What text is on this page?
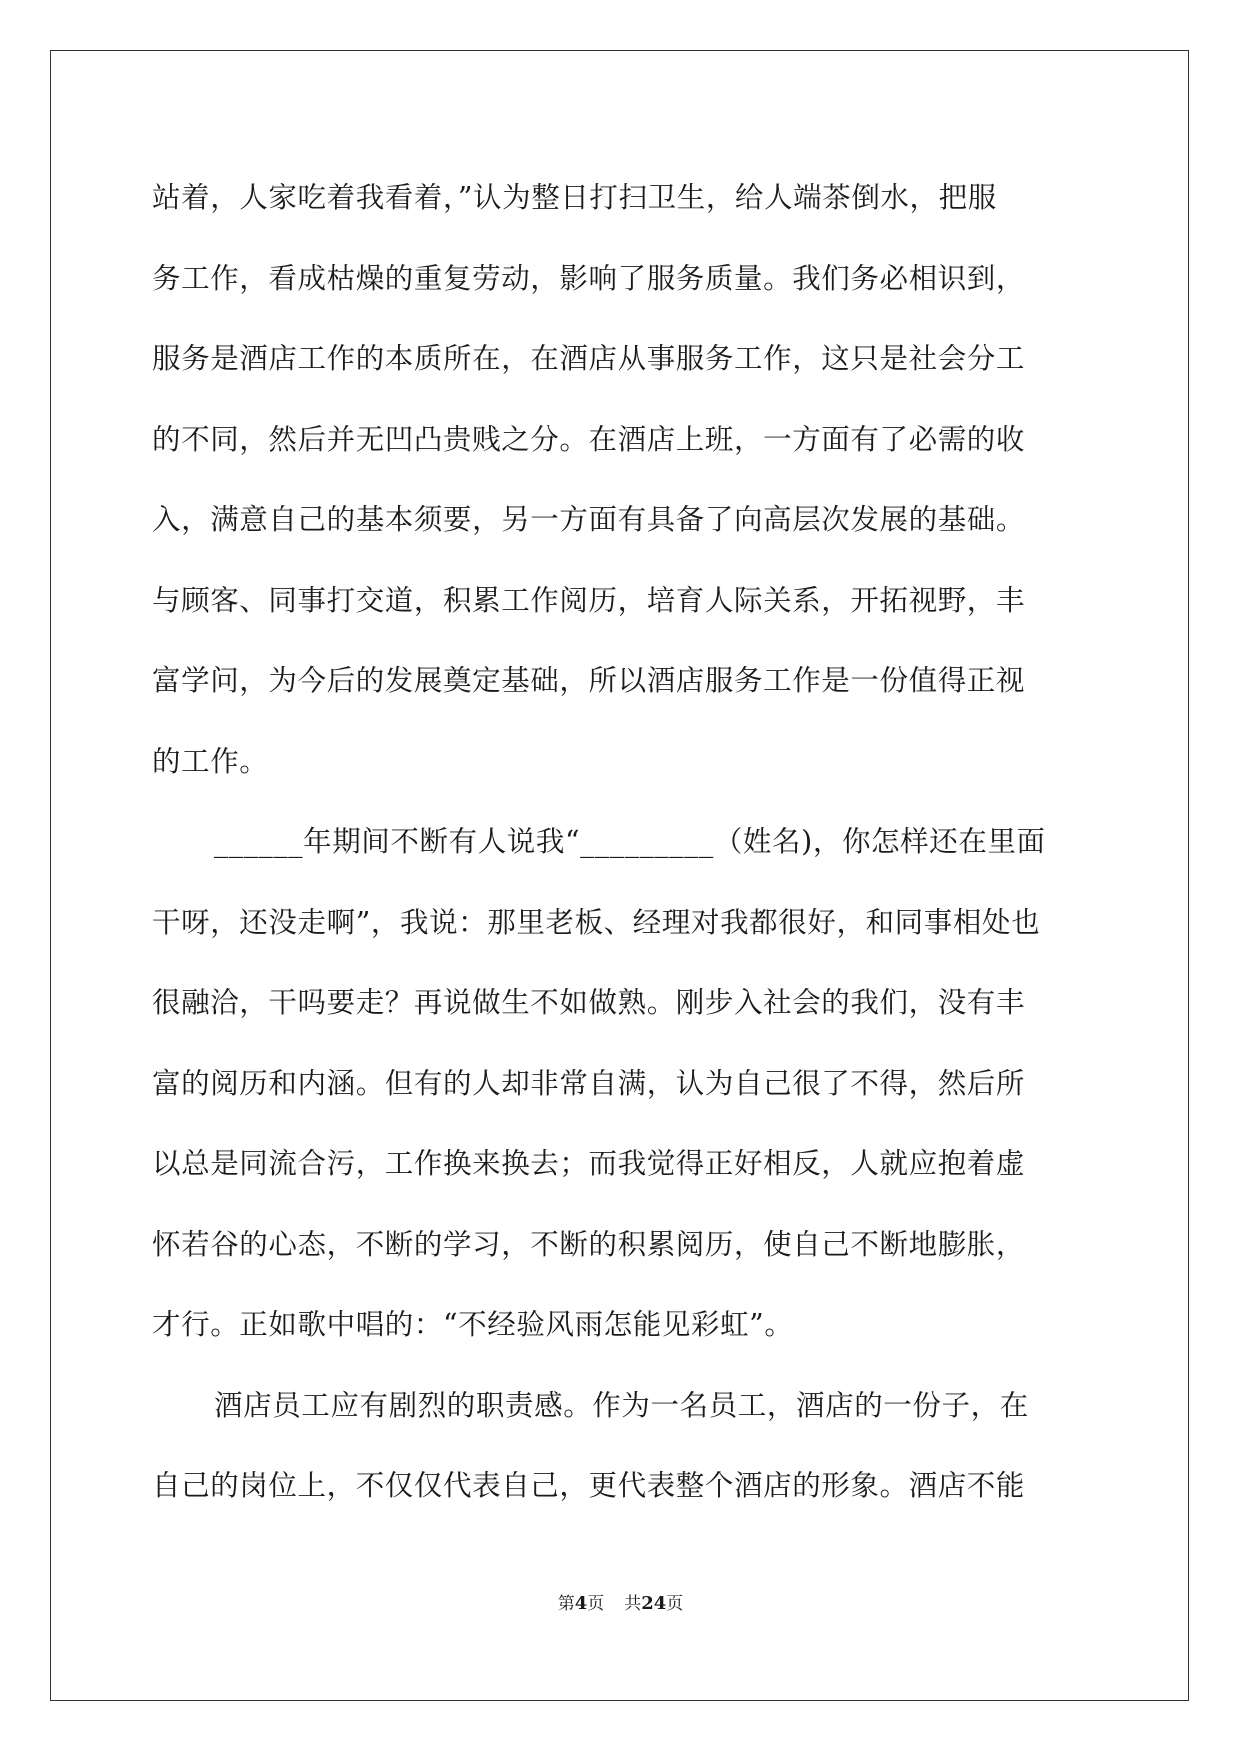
站着，人家吃着我看着，”认为整日打扫卫生，给人端茶倒水，把服
务工作，看成枯燥的重复劳动，影响了服务质量。我们务必相识到，
服务是酒店工作的本质所在，在酒店从事服务工作，这只是社会分工
的不同，然后并无凹凸贵贱之分。在酒店上班，一方面有了必需的收
入，满意自己的基本须要，另一方面有具备了向高层次发展的基础。
与顾客、同事打交道，积累工作阅历，培育人际关系，开拓视野，丰
富学问，为今后的发展奠定基础，所以酒店服务工作是一份值得正视
的工作。
______年期间不断有人说我“_________（姓名)，你怎样还在里面
干呀，还没走啊”，我说：那里老板、经理对我都很好，和同事相处也
很融洽，干吗要走？再说做生不如做熟。刚步入社会的我们，没有丰
富的阅历和内涵。但有的人却非常自满，认为自己很了不得，然后所
以总是同流合污，工作换来换去；而我觉得正好相反，人就应抱着虚
怀若谷的心态，不断的学习，不断的积累阅历，使自己不断地膨胀，
才行。正如歌中唱的：“不经验风雨怎能见彩虹”。
酒店员工应有剧烈的职责感。作为一名员工，酒店的一份子，在
自己的岗位上，不仅仅代表自己，更代表整个酒店的形象。酒店不能
第4页 共24页
